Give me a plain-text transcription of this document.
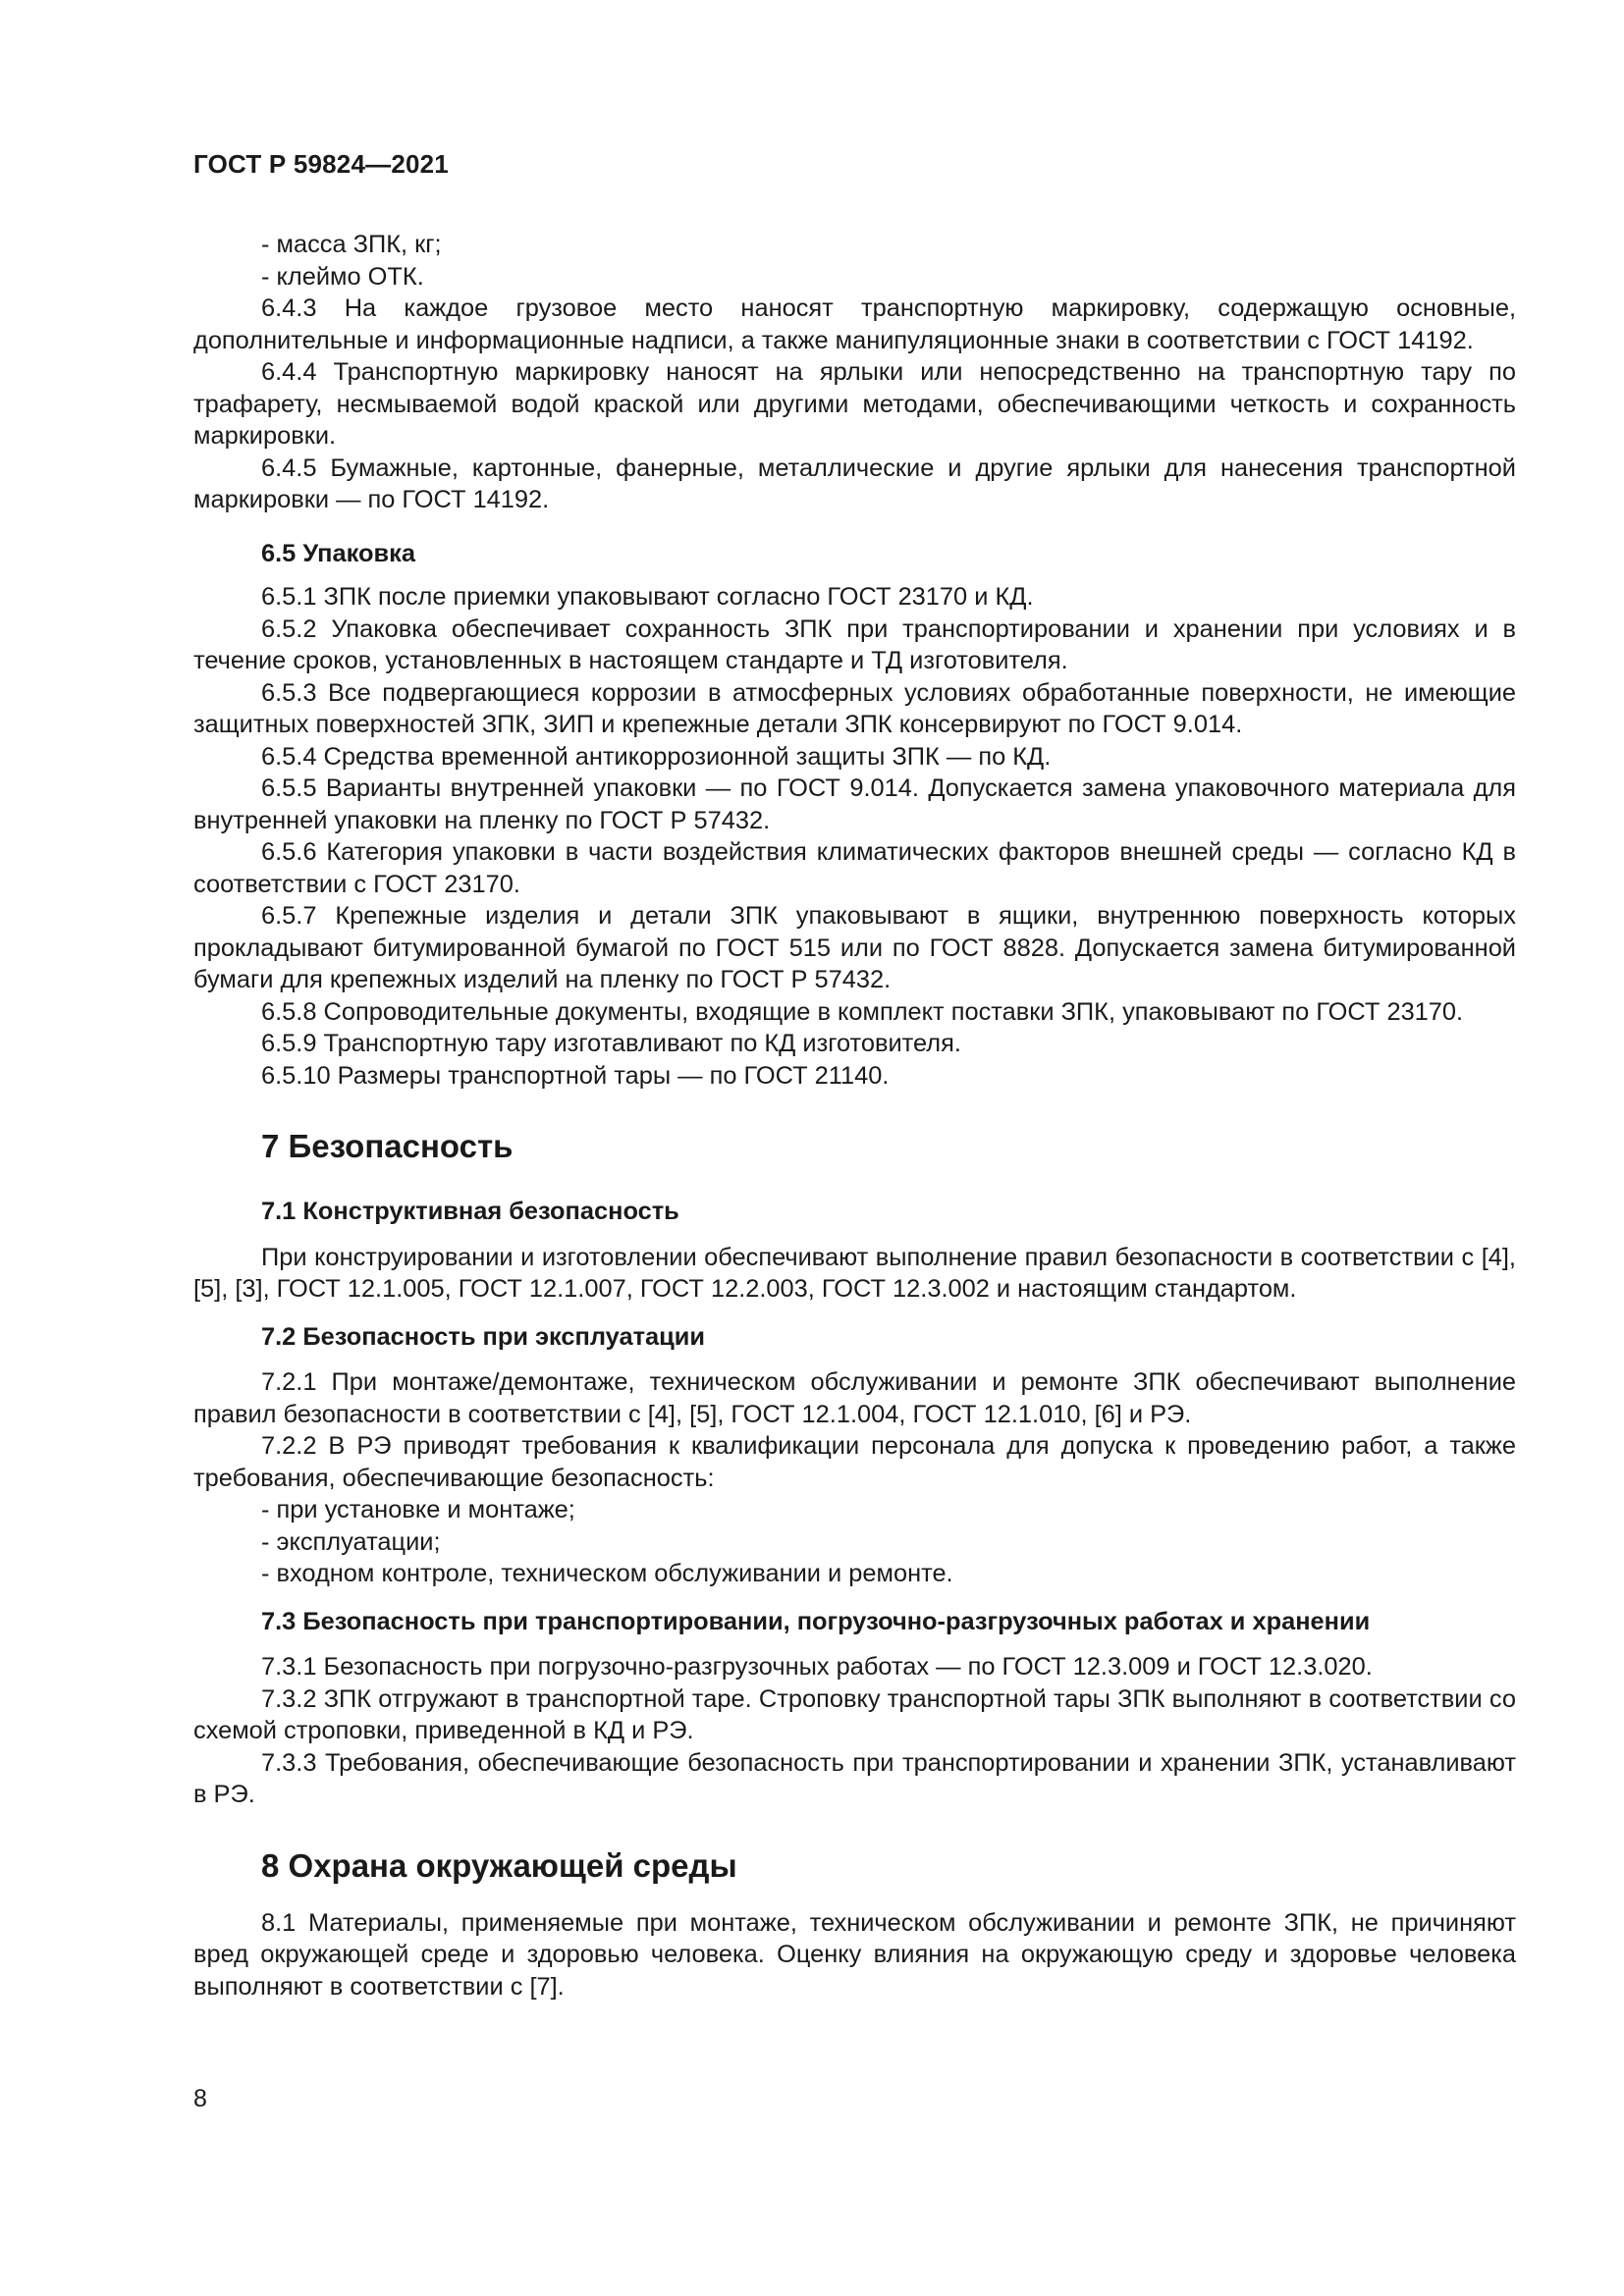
ГОСТ Р 59824—2021

- масса ЗПК, кг;

- клеймо ОТК.

6.4.3 На каждое грузовое место наносят транспортную маркировку, содержащую основные, дополнительные и информационные надписи, а также манипуляционные знаки в соответствии с ГОСТ 14192.

6.4.4 Транспортную маркировку наносят на ярлыки или непосредственно на транспортную тару по трафарету, несмываемой водой краской или другими методами, обеспечивающими четкость и сохранность маркировки.

6.4.5 Бумажные, картонные, фанерные, металлические и другие ярлыки для нанесения транспортной маркировки — по ГОСТ 14192.

6.5 Упаковка

6.5.1 ЗПК после приемки упаковывают согласно ГОСТ 23170 и КД.

6.5.2 Упаковка обеспечивает сохранность ЗПК при транспортировании и хранении при условиях и в течение сроков, установленных в настоящем стандарте и ТД изготовителя.

6.5.3 Все подвергающиеся коррозии в атмосферных условиях обработанные поверхности, не имеющие защитных поверхностей ЗПК, ЗИП и крепежные детали ЗПК консервируют по ГОСТ 9.014.

6.5.4 Средства временной антикоррозионной защиты ЗПК — по КД.

6.5.5 Варианты внутренней упаковки — по ГОСТ 9.014. Допускается замена упаковочного материала для внутренней упаковки на пленку по ГОСТ Р 57432.

6.5.6 Категория упаковки в части воздействия климатических факторов внешней среды — согласно КД в соответствии с ГОСТ 23170.

6.5.7 Крепежные изделия и детали ЗПК упаковывают в ящики, внутреннюю поверхность которых прокладывают битумированной бумагой по ГОСТ 515 или по ГОСТ 8828. Допускается замена битумированной бумаги для крепежных изделий на пленку по ГОСТ Р 57432.

6.5.8 Сопроводительные документы, входящие в комплект поставки ЗПК, упаковывают по ГОСТ 23170.

6.5.9 Транспортную тару изготавливают по КД изготовителя.

6.5.10 Размеры транспортной тары — по ГОСТ 21140.

7 Безопасность

7.1 Конструктивная безопасность

При конструировании и изготовлении обеспечивают выполнение правил безопасности в соответствии с [4], [5], [3], ГОСТ 12.1.005, ГОСТ 12.1.007, ГОСТ 12.2.003, ГОСТ 12.3.002 и настоящим стандартом.

7.2 Безопасность при эксплуатации

7.2.1 При монтаже/демонтаже, техническом обслуживании и ремонте ЗПК обеспечивают выполнение правил безопасности в соответствии с [4], [5], ГОСТ 12.1.004, ГОСТ 12.1.010, [6] и РЭ.

7.2.2 В РЭ приводят требования к квалификации персонала для допуска к проведению работ, а также требования, обеспечивающие безопасность:

- при установке и монтаже;

- эксплуатации;

- входном контроле, техническом обслуживании и ремонте.

7.3 Безопасность при транспортировании, погрузочно-разгрузочных работах и хранении

7.3.1 Безопасность при погрузочно-разгрузочных работах — по ГОСТ 12.3.009 и ГОСТ 12.3.020.

7.3.2 ЗПК отгружают в транспортной таре. Строповку транспортной тары ЗПК выполняют в соответствии со схемой строповки, приведенной в КД и РЭ.

7.3.3 Требования, обеспечивающие безопасность при транспортировании и хранении ЗПК, устанавливают в РЭ.

8 Охрана окружающей среды

8.1 Материалы, применяемые при монтаже, техническом обслуживании и ремонте ЗПК, не причиняют вред окружающей среде и здоровью человека. Оценку влияния на окружающую среду и здоровье человека выполняют в соответствии с [7].

8
